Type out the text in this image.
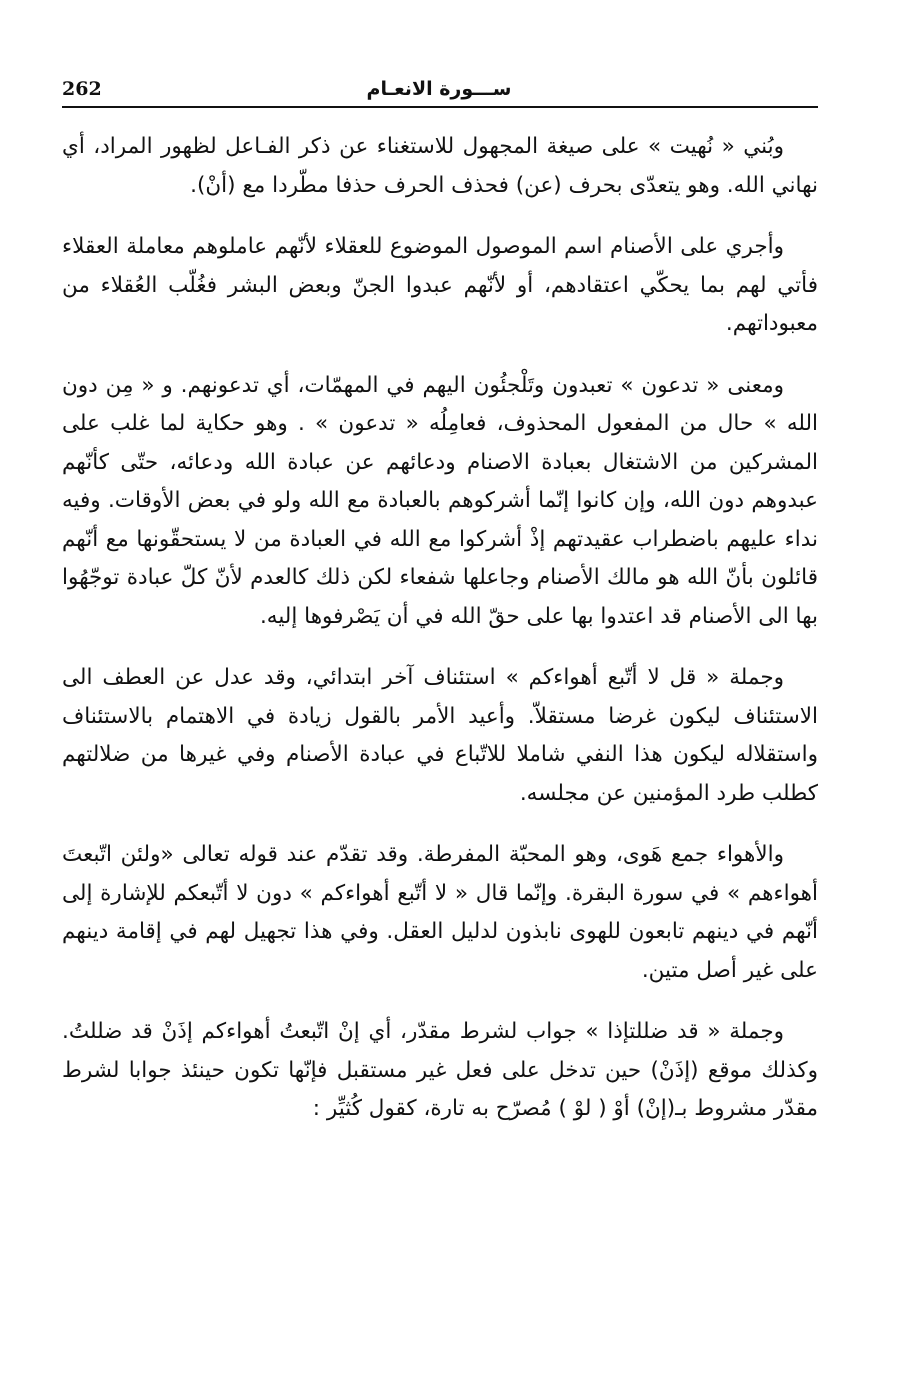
262	ســـورة الانعـام

وبُني « نُهيت » على صيغة المجهول للاستغناء عن ذكر الفـاعل لظهور المراد، أي نهاني الله. وهو يتعدّى بحرف (عن) فحذف الحرف حذفا مطّردا مع (أنْ).

وأجري على الأصنام اسم الموصول الموضوع للعقلاء لأنّهم عاملوهم معاملة العقلاء فأتي لهم بما يحكّي اعتقادهم، أو لأنّهم عبدوا الجنّ وبعض البشر فغُلّب العُقلاء من معبوداتهم.

ومعنى « تدعون » تعبدون وتَلْجئُون اليهم في المهمّات، أي تدعونهم. و « مِن دون الله » حال من المفعول المحذوف، فعامِلُه « تدعون » . وهو حكاية لما غلب على المشركين من الاشتغال بعبادة الاصنام ودعائهم عن عبادة الله ودعائه، حتّى كأنّهم عبدوهم دون الله، وإن كانوا إنّما أشركوهم بالعبادة مع الله ولو في بعض الأوقات. وفيه نداء عليهم باضطراب عقيدتهم إذْ أشركوا مع الله في العبادة من لا يستحقّونها مع أنّهم قائلون بأنّ الله هو مالك الأصنام وجاعلها شفعاء لكن ذلك كالعدم لأنّ كلّ عبادة توجّهُوا بها الى الأصنام قد اعتدوا بها على حقّ الله في أن يَصْرفوها إليه.

وجملة « قل لا أتّبع أهواءكم » استئناف آخر ابتدائي، وقد عدل عن العطف الى الاستئناف ليكون غرضا مستقلاّ. وأعيد الأمر بالقول زيادة في الاهتمام بالاستئناف واستقلاله ليكون هذا النفي شاملا للاتّباع في عبادة الأصنام وفي غيرها من ضلالتهم كطلب طرد المؤمنين عن مجلسه.

والأهواء جمع هَوى، وهو المحبّة المفرطة. وقد تقدّم عند قوله تعالى «ولئن اتّبعتَ أهواءهم » في سورة البقرة. وإنّما قال « لا أتّبع أهواءكم » دون لا أتّبعكم للإشارة إلى أنّهم في دينهم تابعون للهوى نابذون لدليل العقل. وفي هذا تجهيل لهم في إقامة دينهم على غير أصل متين.

وجملة « قد ضللتإذا » جواب لشرط مقدّر، أي إنْ اتّبعتُ أهواءكم إذَنْ قد ضللتُ. وكذلك موقع (إذَنْ) حين تدخل على فعل غير مستقبل فإنّها تكون حينئذ جوابا لشرط مقدّر مشروط بـ(إنْ) أوْ ( لوْ ) مُصرّح به تارة، كقول كُثيِّر :
